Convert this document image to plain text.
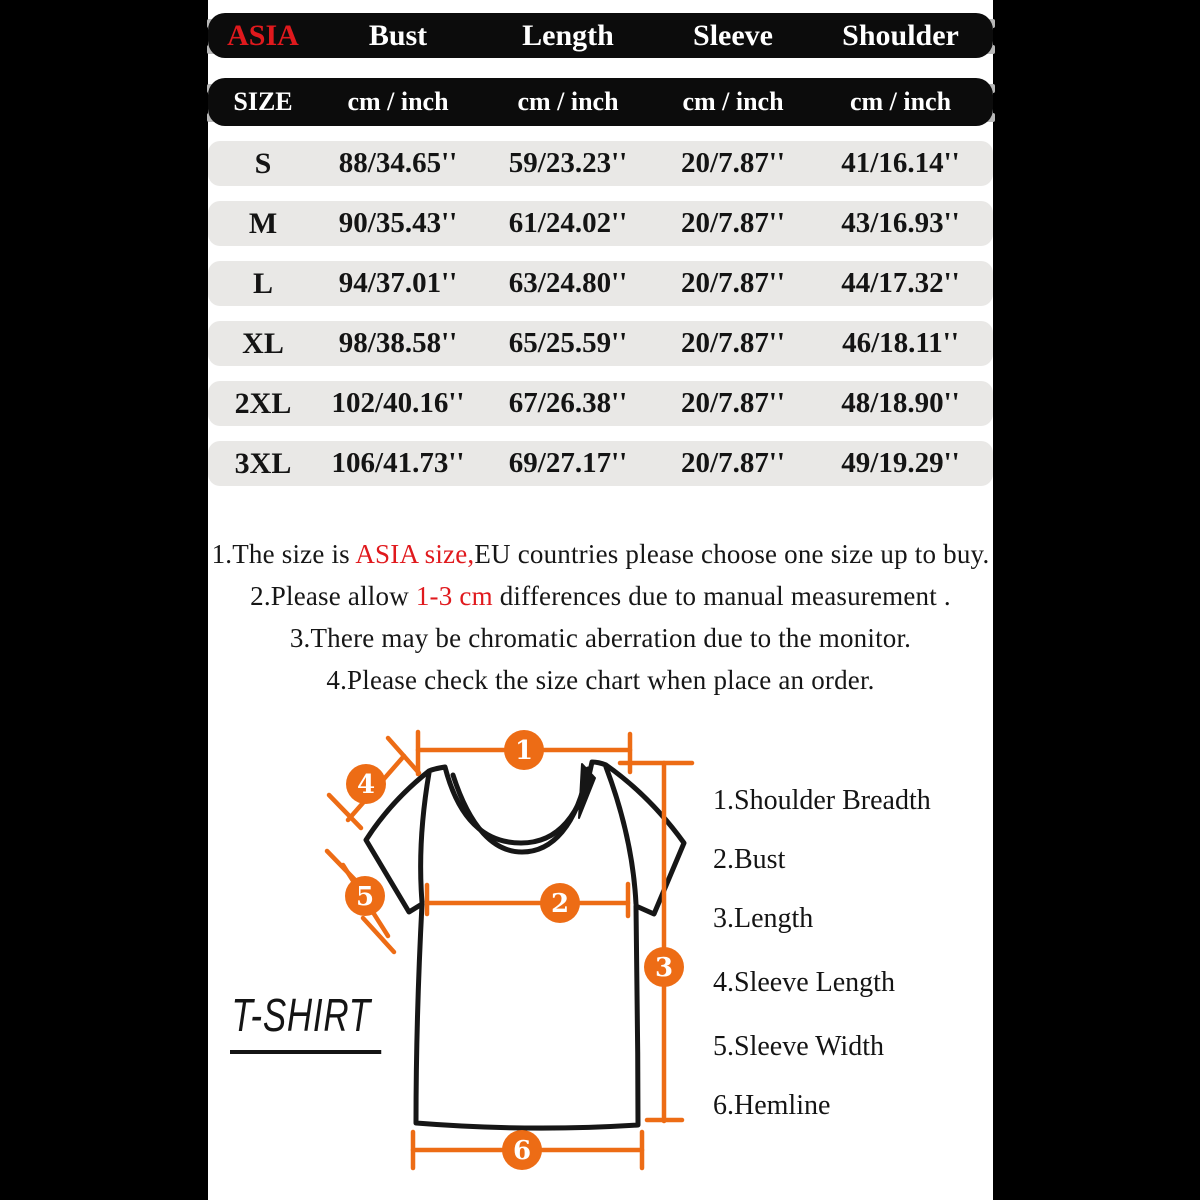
ASIA	Bust	Length	Sleeve	Shoulder
SIZE	cm / inch	cm / inch	cm / inch	cm / inch
S	88/34.65''	59/23.23''	20/7.87''	41/16.14''
M	90/35.43''	61/24.02''	20/7.87''	43/16.93''
L	94/37.01''	63/24.80''	20/7.87''	44/17.32''
XL	98/38.58''	65/25.59''	20/7.87''	46/18.11''
2XL	102/40.16''	67/26.38''	20/7.87''	48/18.90''
3XL	106/41.73''	69/27.17''	20/7.87''	49/19.29''
1.The size is ASIA size,EU countries please choose one size up to buy.
2.Please allow 1-3 cm differences due to manual measurement .
3.There may be chromatic aberration due to the monitor.
4.Please check the size chart when place an order.
1
4
5	2
3
6
T-SHIRT
1.Shoulder Breadth
2.Bust
3.Length
4.Sleeve Length
5.Sleeve Width
6.Hemline
